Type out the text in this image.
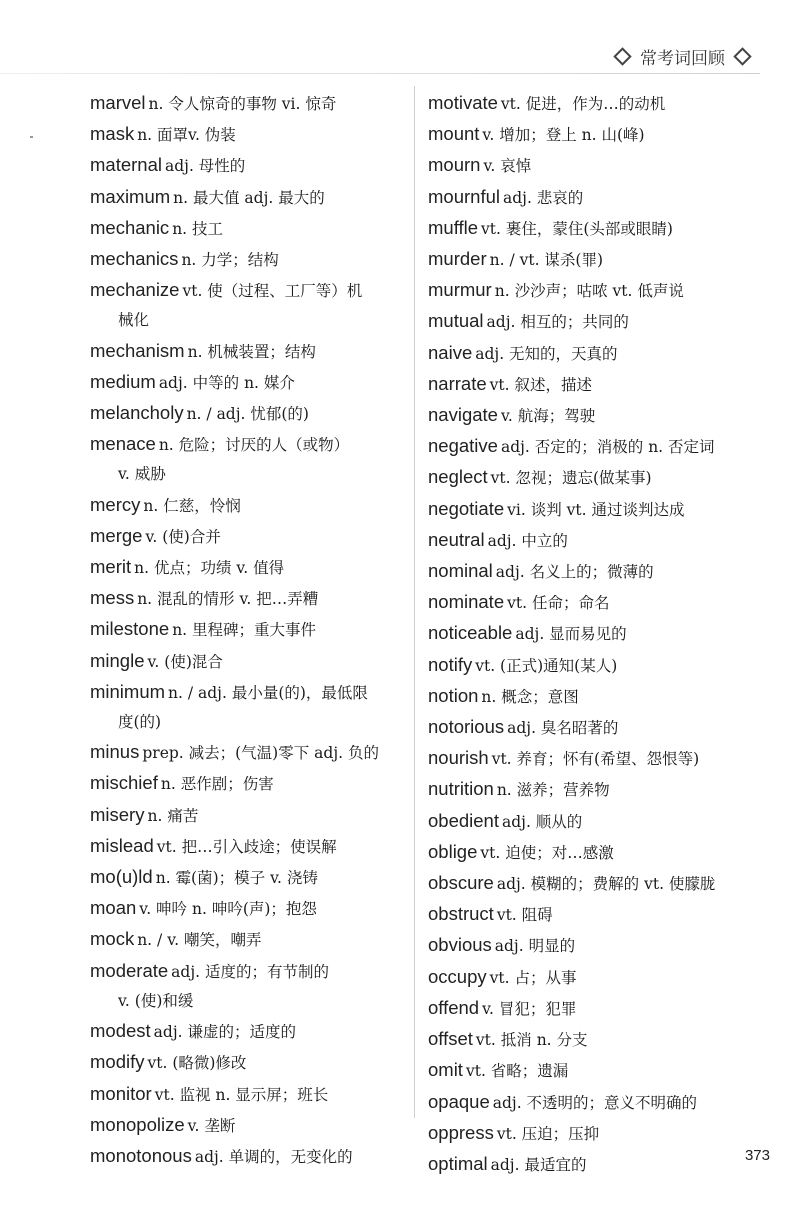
常考词回顾
marvel n. 令人惊奇的事物 vi. 惊奇
mask n. 面罩v. 伪装
maternal adj. 母性的
maximum n. 最大值 adj. 最大的
mechanic n. 技工
mechanics n. 力学；结构
mechanize vt. 使（过程、工厂等）机
械化
mechanism n. 机械装置；结构
medium adj. 中等的 n. 媒介
melancholy n. / adj. 忧郁(的)
menace n. 危险；讨厌的人（或物）
v. 威胁
mercy n. 仁慈，怜悯
merge v. (使)合并
merit n. 优点；功绩 v. 值得
mess n. 混乱的情形 v. 把…弄糟
milestone n. 里程碑；重大事件
mingle v. (使)混合
minimum n. / adj. 最小量(的)，最低限
度(的)
minus prep. 减去；(气温)零下 adj. 负的
mischief n. 恶作剧；伤害
misery n. 痛苦
mislead vt. 把…引入歧途；使误解
mo(u)ld n. 霉(菌)；模子 v. 浇铸
moan v. 呻吟 n. 呻吟(声)；抱怨
mock n. / v. 嘲笑，嘲弄
moderate adj. 适度的；有节制的
v. (使)和缓
modest adj. 谦虚的；适度的
modify vt. (略微)修改
monitor vt. 监视 n. 显示屏；班长
monopolize v. 垄断
monotonous adj. 单调的，无变化的
motivate vt. 促进，作为…的动机
mount v. 增加；登上 n. 山(峰)
mourn v. 哀悼
mournful adj. 悲哀的
muffle vt. 裹住，蒙住(头部或眼睛)
murder n. / vt. 谋杀(罪)
murmur n. 沙沙声；咕哝 vt. 低声说
mutual adj. 相互的；共同的
naive adj. 无知的，天真的
narrate vt. 叙述，描述
navigate v. 航海；驾驶
negative adj. 否定的；消极的 n. 否定词
neglect vt. 忽视；遗忘(做某事)
negotiate vi. 谈判 vt. 通过谈判达成
neutral adj. 中立的
nominal adj. 名义上的；微薄的
nominate vt. 任命；命名
noticeable adj. 显而易见的
notify vt. (正式)通知(某人)
notion n. 概念；意图
notorious adj. 臭名昭著的
nourish vt. 养育；怀有(希望、怨恨等)
nutrition n. 滋养；营养物
obedient adj. 顺从的
oblige vt. 迫使；对…感激
obscure adj. 模糊的；费解的 vt. 使朦胧
obstruct vt. 阻碍
obvious adj. 明显的
occupy vt. 占；从事
offend v. 冒犯；犯罪
offset vt. 抵消 n. 分支
omit vt. 省略；遗漏
opaque adj. 不透明的；意义不明确的
oppress vt. 压迫；压抑
optimal adj. 最适宜的
373
